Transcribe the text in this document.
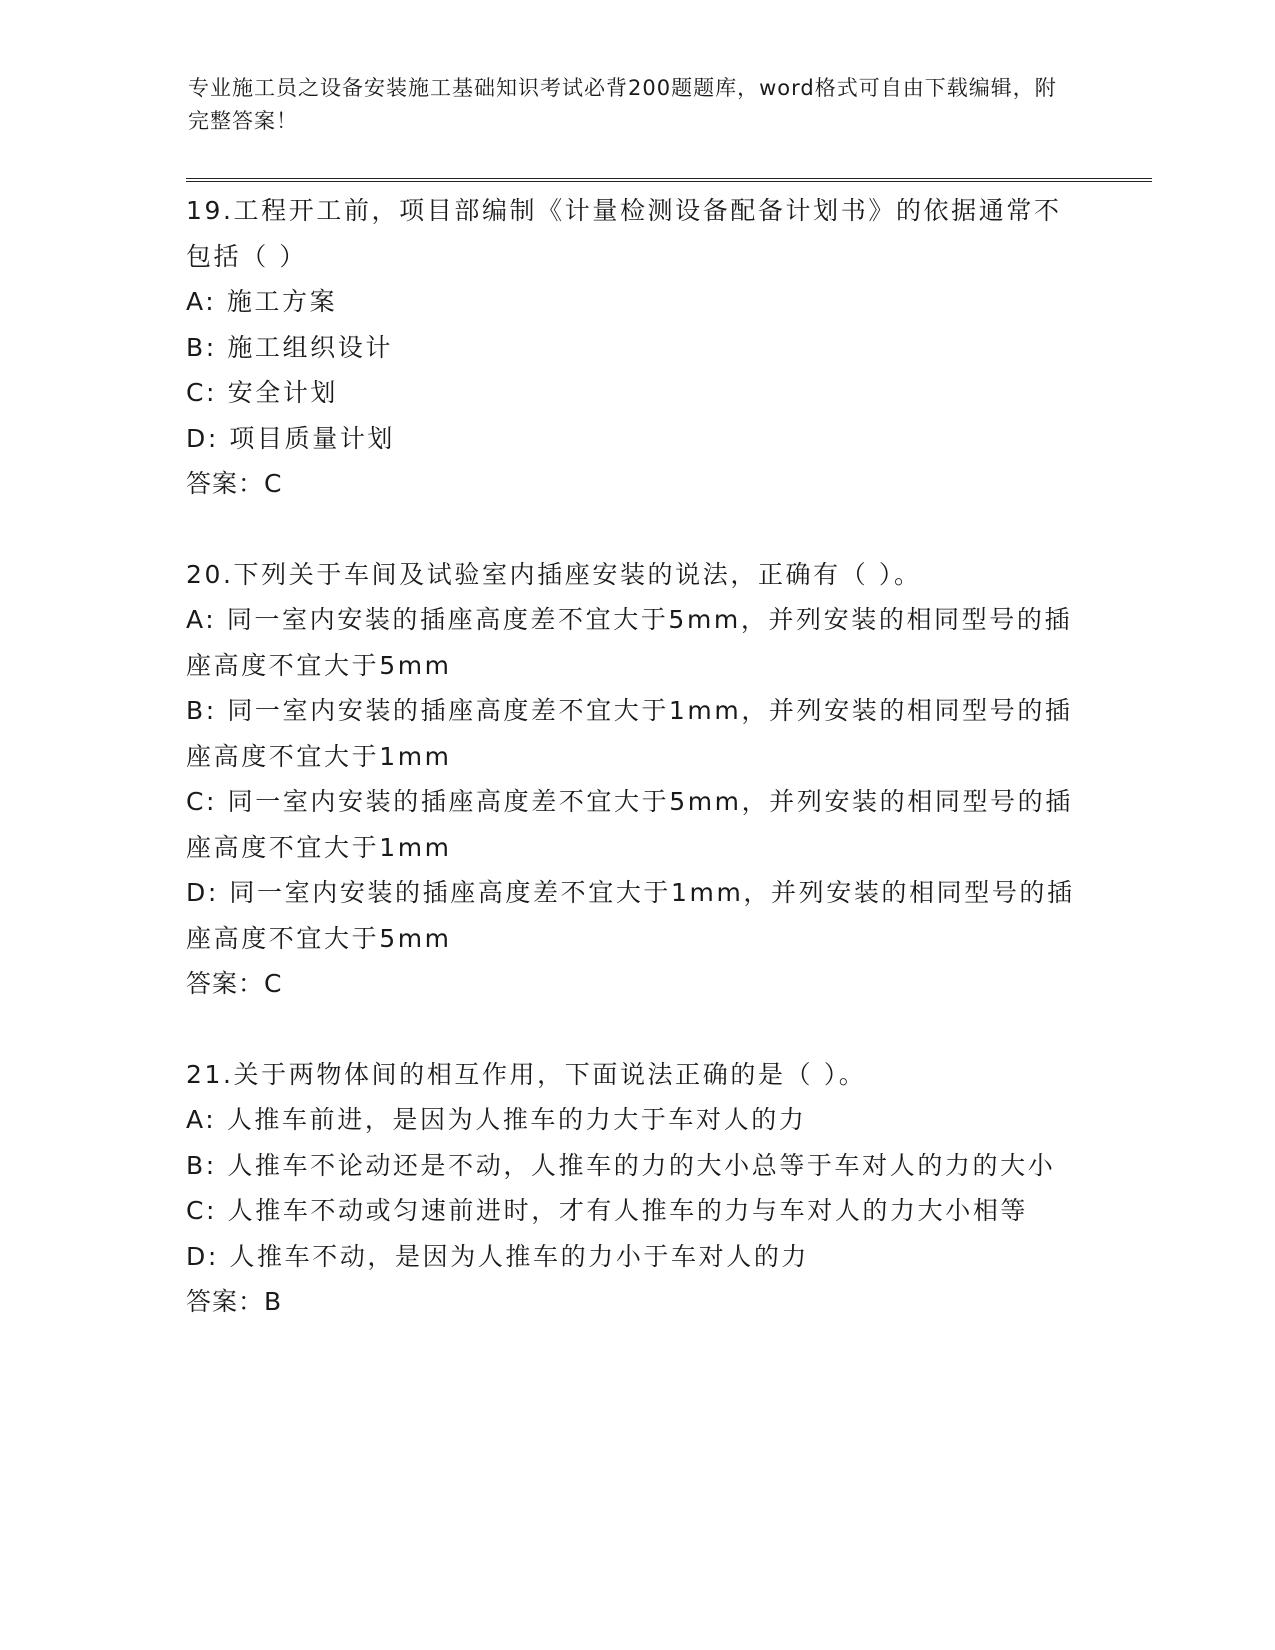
专业施工员之设备安装施工基础知识考试必背200题题库，word格式可自由下载编辑，附完整答案！

19.工程开工前，项目部编制《计量检测设备配备计划书》的依据通常不包括（ ）

A: 施工方案

B: 施工组织设计

C: 安全计划

D: 项目质量计划

答案：C

20.下列关于车间及试验室内插座安装的说法，正确有（ ）。

A: 同一室内安装的插座高度差不宜大于5mm，并列安装的相同型号的插座高度不宜大于5mm

B: 同一室内安装的插座高度差不宜大于1mm，并列安装的相同型号的插座高度不宜大于1mm

C: 同一室内安装的插座高度差不宜大于5mm，并列安装的相同型号的插座高度不宜大于1mm

D: 同一室内安装的插座高度差不宜大于1mm，并列安装的相同型号的插座高度不宜大于5mm

答案：C

21.关于两物体间的相互作用，下面说法正确的是（ ）。

A: 人推车前进，是因为人推车的力大于车对人的力

B: 人推车不论动还是不动，人推车的力的大小总等于车对人的力的大小

C: 人推车不动或匀速前进时，才有人推车的力与车对人的力大小相等

D: 人推车不动，是因为人推车的力小于车对人的力

答案：B
